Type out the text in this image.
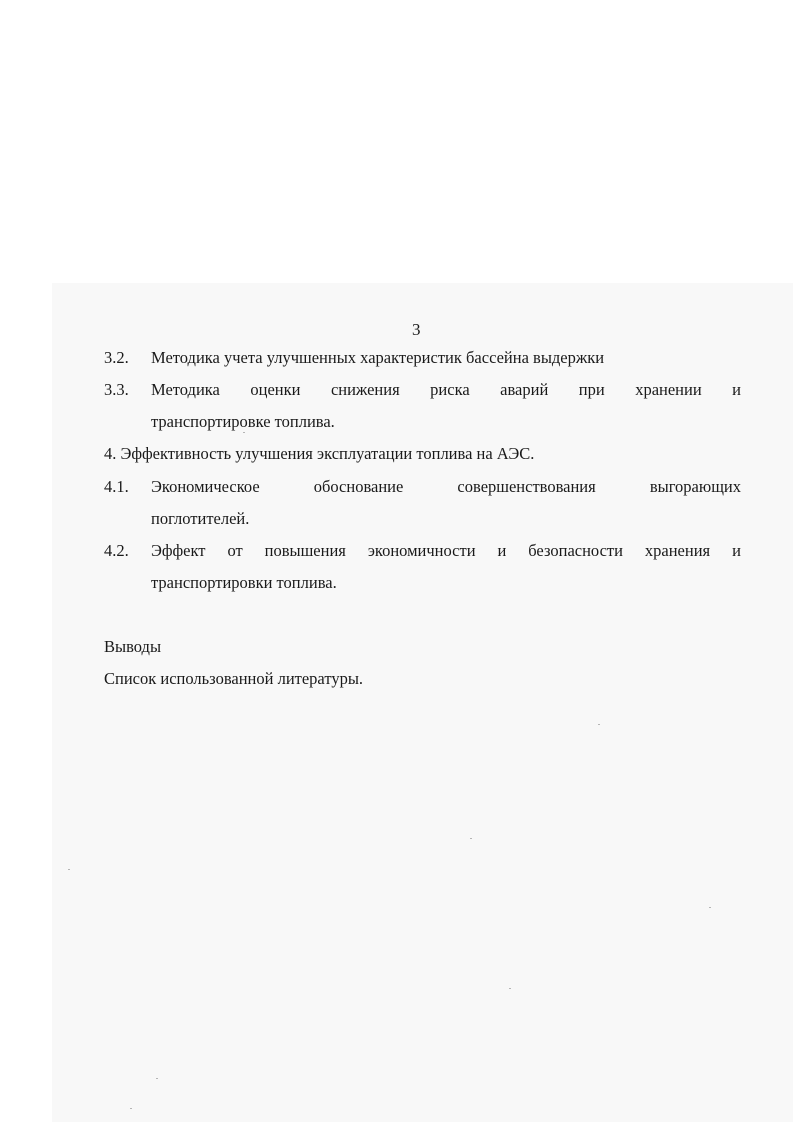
3
3.2. Методика учета улучшенных характеристик бассейна выдержки
3.3. Методика оценки снижения риска аварий при хранении и
транспортировке топлива.
4. Эффективность улучшения эксплуатации топлива на АЭС.
4.1. Экономическое	обоснование	совершенствования	выгорающих
поглотителей.
4.2. Эффект от повышения экономичности и безопасности хранения и
транспортировки топлива.
Выводы
Список использованной литературы.
